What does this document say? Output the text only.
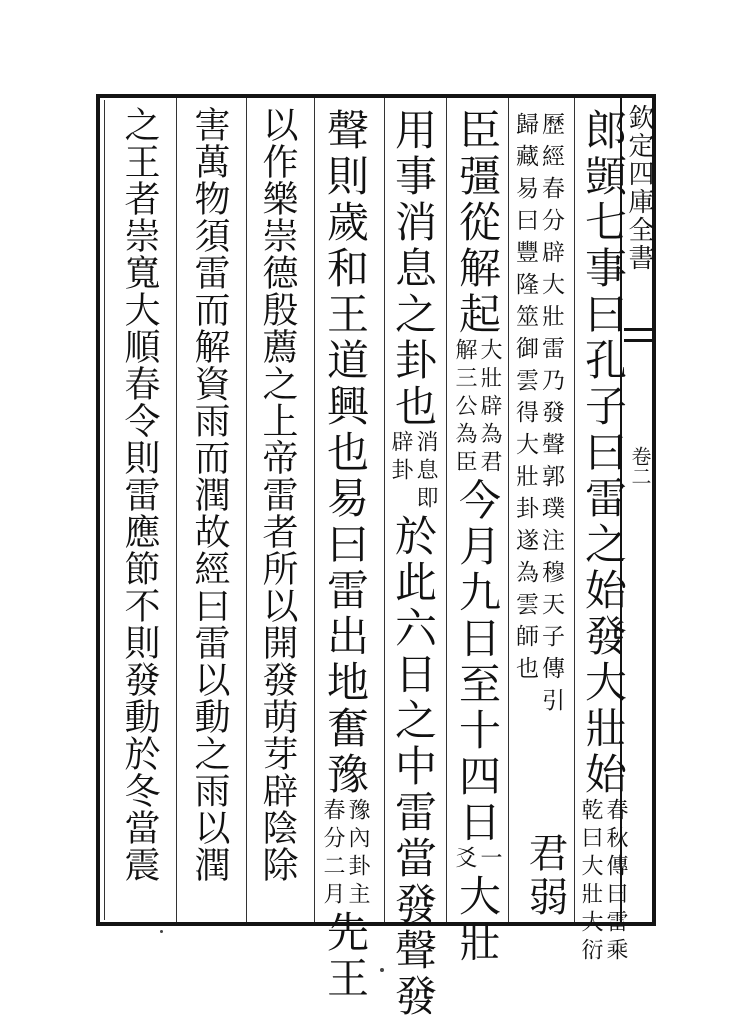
欽定四庫全書
卷二
郎顗七事曰孔子曰雷之始發大壯始春秋傳曰雷乘
乾曰大壯大衍
歷經春分辟大壯雷乃發聲郭璞注穆天子傳引
歸藏易曰豐隆筮御雲得大壯卦遂為雲師也
君弱
臣彊從解起大壯辟為君
解三公為臣今月九日至十四日一
爻大壯
用事消息之卦也消息即
辟卦於此六日之中雷當發聲發
聲則歲和王道興也易曰雷出地奮豫豫內卦主
春分二月先王
以作樂崇德殷薦之上帝雷者所以開發萌芽辟陰除
害萬物須雷而解資雨而潤故經曰雷以動之雨以潤
之王者崇寬大順春令則雷應節不則發動於冬當震
